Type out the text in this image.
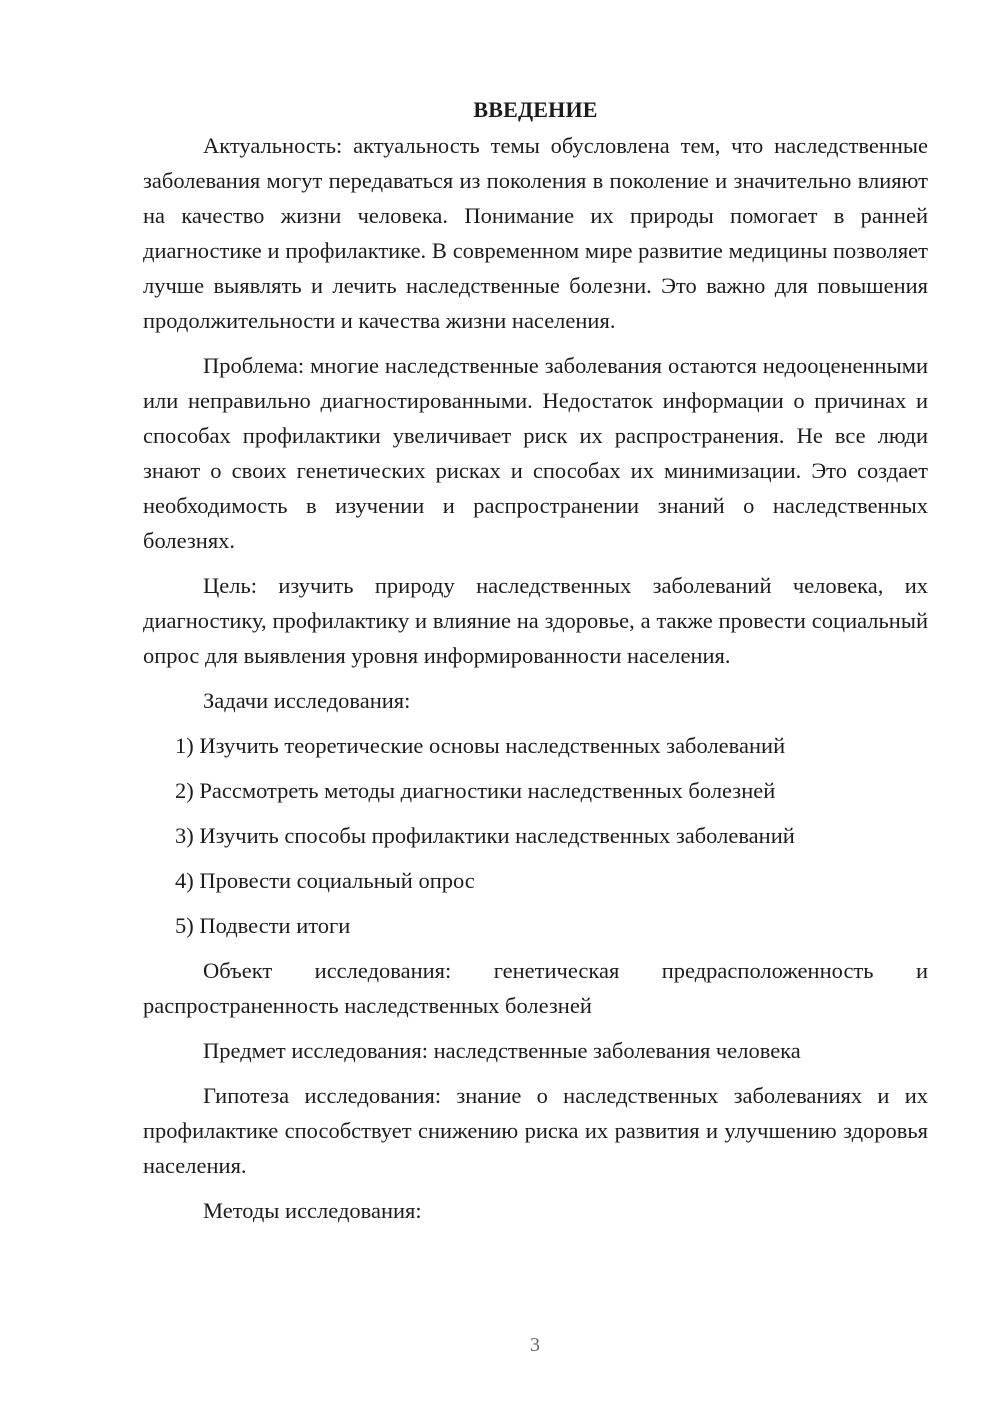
ВВЕДЕНИЕ

Актуальность: актуальность темы обусловлена тем, что наследственные заболевания могут передаваться из поколения в поколение и значительно влияют на качество жизни человека. Понимание их природы помогает в ранней диагностике и профилактике. В современном мире развитие медицины позволяет лучше выявлять и лечить наследственные болезни. Это важно для повышения продолжительности и качества жизни населения.

Проблема: многие наследственные заболевания остаются недооцененными или неправильно диагностированными. Недостаток информации о причинах и способах профилактики увеличивает риск их распространения. Не все люди знают о своих генетических рисках и способах их минимизации. Это создает необходимость в изучении и распространении знаний о наследственных болезнях.

Цель: изучить природу наследственных заболеваний человека, их диагностику, профилактику и влияние на здоровье, а также провести социальный опрос для выявления уровня информированности населения.

Задачи исследования:

1) Изучить теоретические основы наследственных заболеваний
2) Рассмотреть методы диагностики наследственных болезней
3) Изучить способы профилактики наследственных заболеваний
4) Провести социальный опрос
5) Подвести итоги

Объект исследования: генетическая предрасположенность и распространенность наследственных болезней

Предмет исследования: наследственные заболевания человека

Гипотеза исследования: знание о наследственных заболеваниях и их профилактике способствует снижению риска их развития и улучшению здоровья населения.

Методы исследования:

3
